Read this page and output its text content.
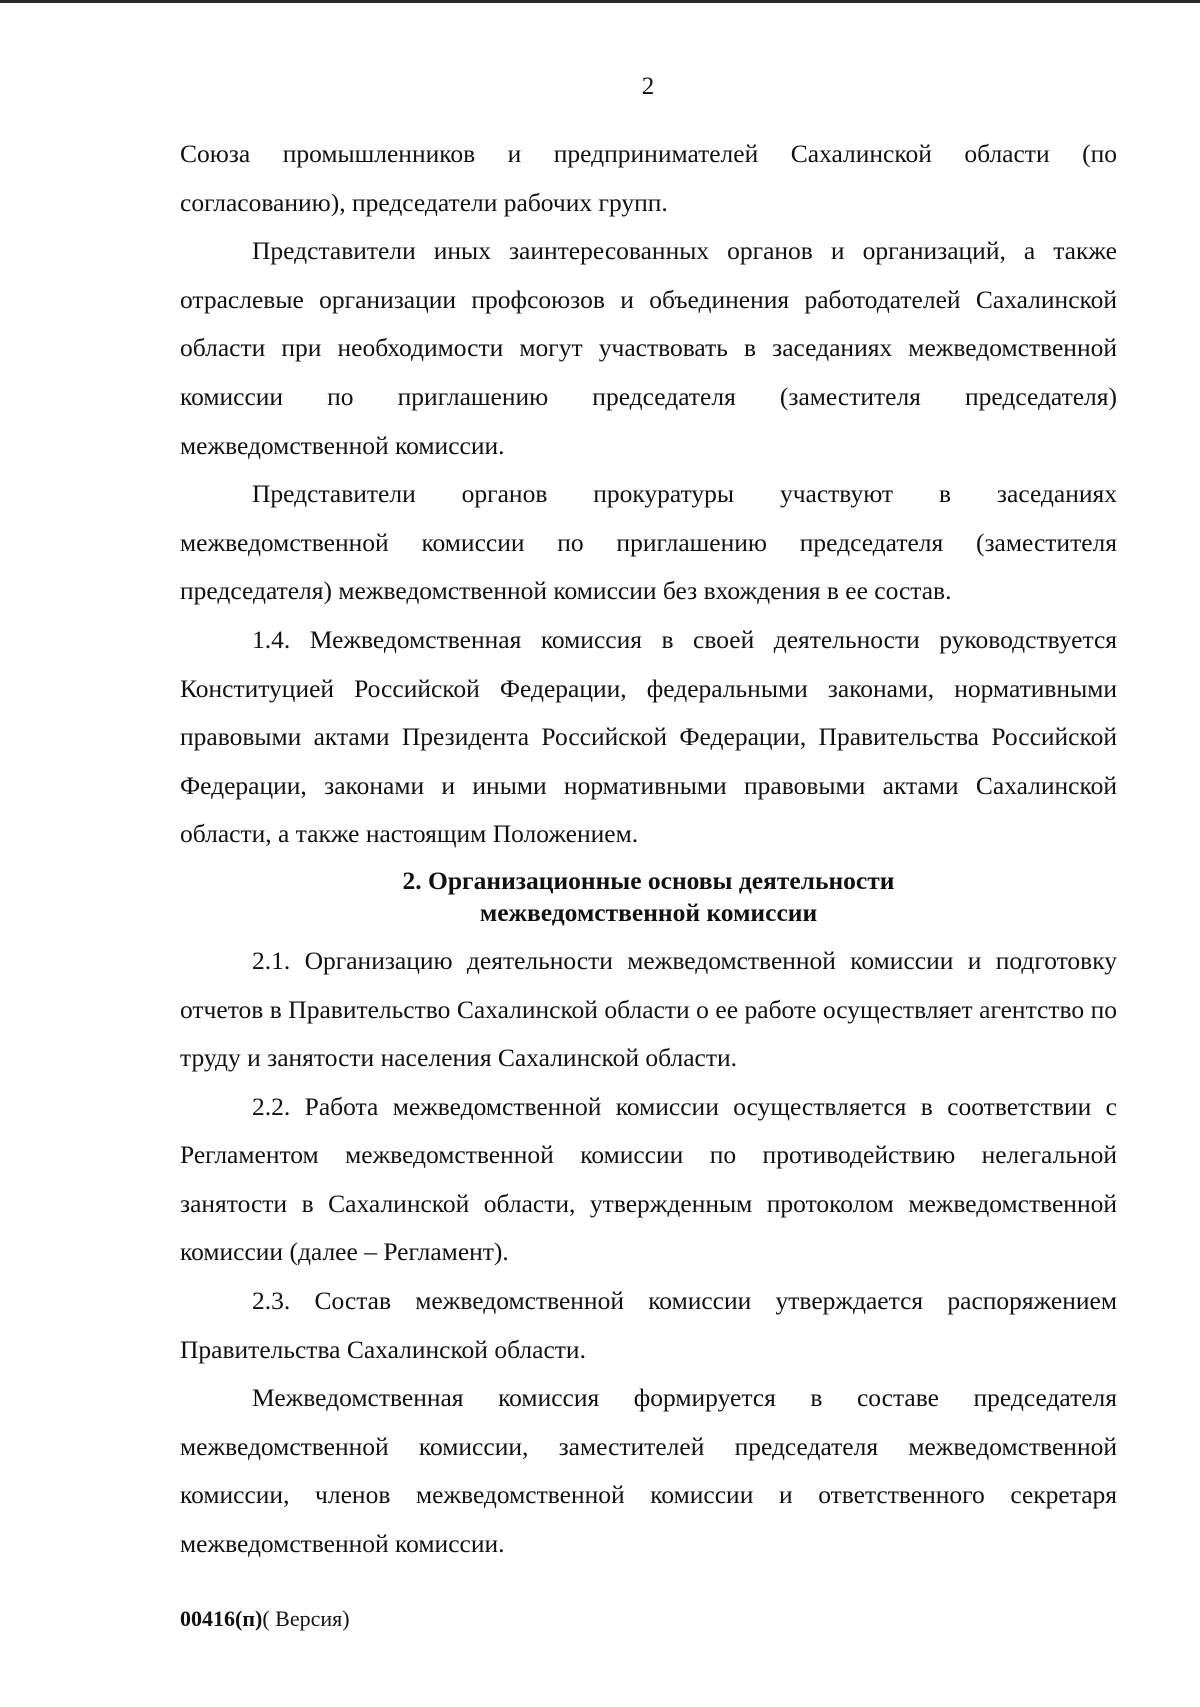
2

Союза промышленников и предпринимателей Сахалинской области (по согласованию), председатели рабочих групп.

Представители иных заинтересованных органов и организаций, а также отраслевые организации профсоюзов и объединения работодателей Сахалинской области при необходимости могут участвовать в заседаниях межведомственной комиссии по приглашению председателя (заместителя председателя) межведомственной комиссии.

Представители органов прокуратуры участвуют в заседаниях межведомственной комиссии по приглашению председателя (заместителя председателя) межведомственной комиссии без вхождения в ее состав.

1.4. Межведомственная комиссия в своей деятельности руководствуется Конституцией Российской Федерации, федеральными законами, нормативными правовыми актами Президента Российской Федерации, Правительства Российской Федерации, законами и иными нормативными правовыми актами Сахалинской области, а также настоящим Положением.

2. Организационные основы деятельности
межведомственной комиссии

2.1. Организацию деятельности межведомственной комиссии и подготовку отчетов в Правительство Сахалинской области о ее работе осуществляет агентство по труду и занятости населения Сахалинской области.

2.2. Работа межведомственной комиссии осуществляется в соответствии с Регламентом межведомственной комиссии по противодействию нелегальной занятости в Сахалинской области, утвержденным протоколом межведомственной комиссии (далее – Регламент).

2.3. Состав межведомственной комиссии утверждается распоряжением Правительства Сахалинской области.

Межведомственная комиссия формируется в составе председателя межведомственной комиссии, заместителей председателя межведомственной комиссии, членов межведомственной комиссии и ответственного секретаря межведомственной комиссии.

00416(п)( Версия)
